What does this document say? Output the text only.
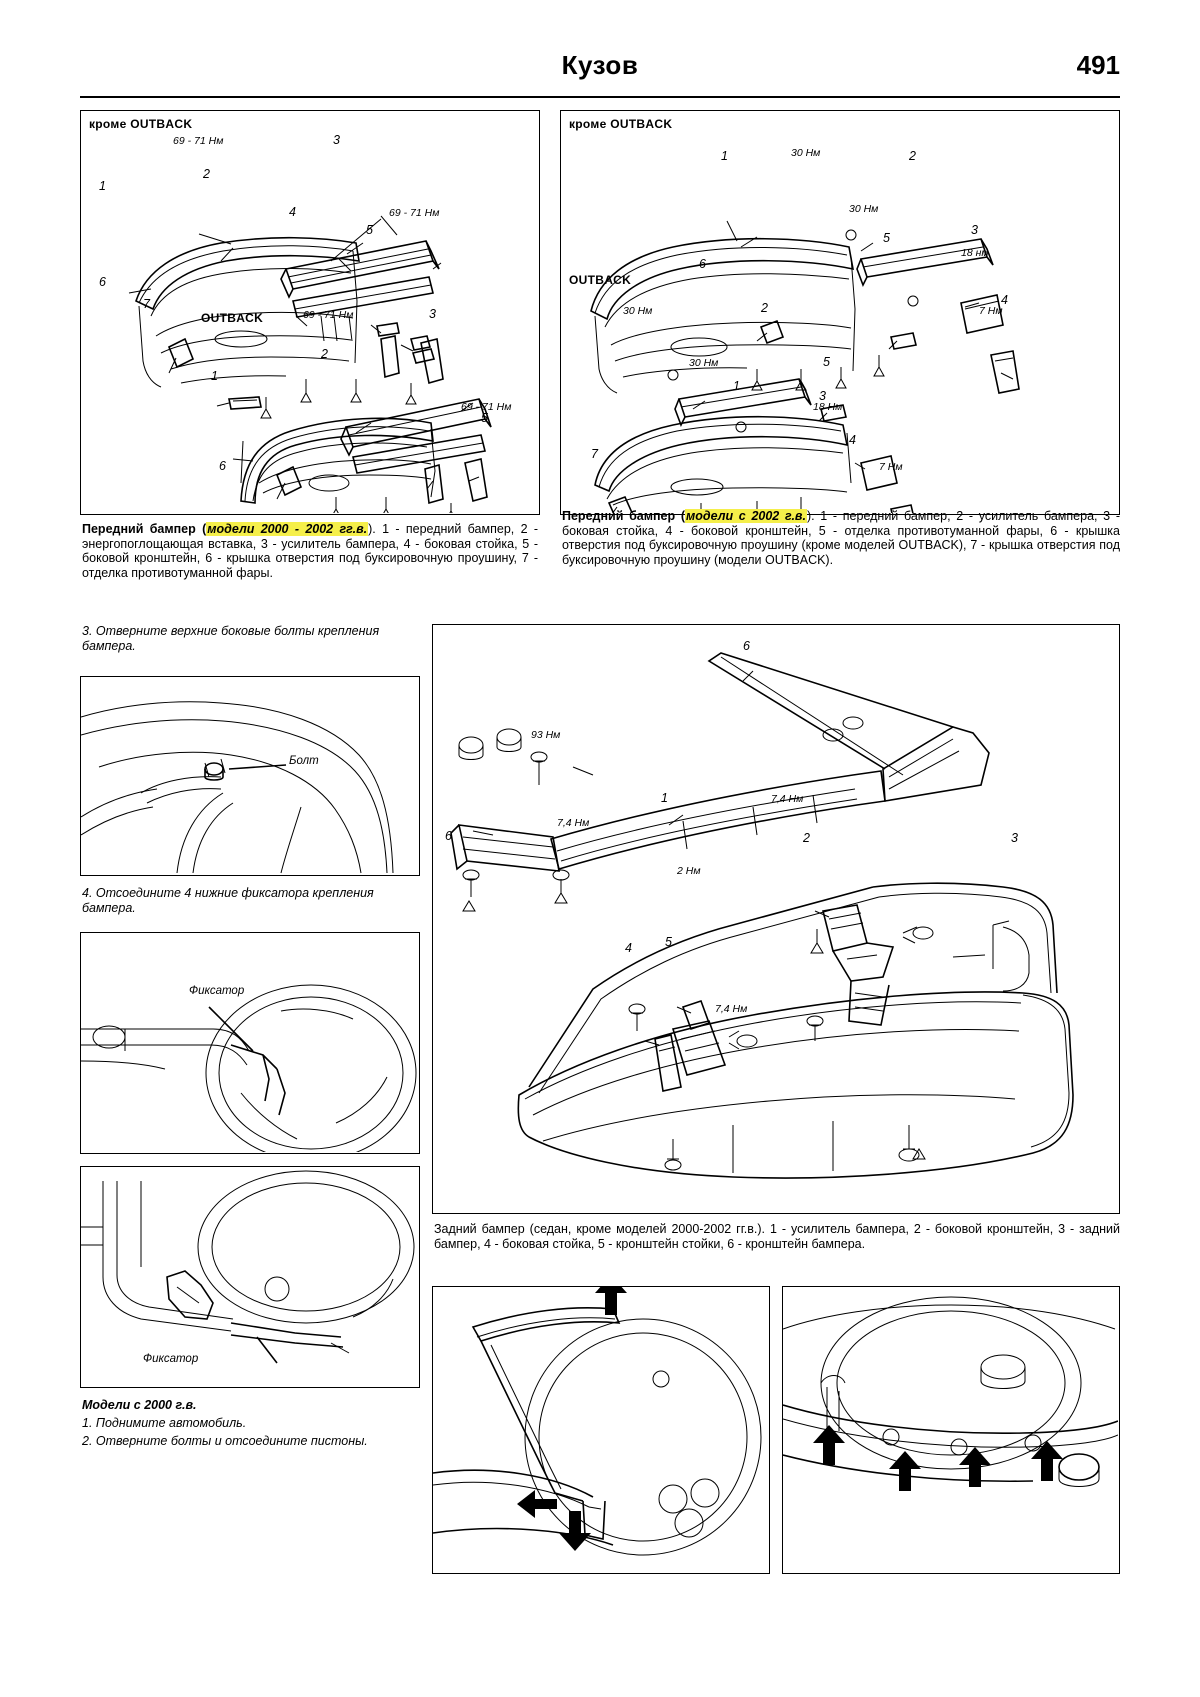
Кузов	491
кроме OUTBACK
OUTBACK
1
2
3
4
5
6
7
1
2
3
5
6
69 - 71 Нм
69 - 71 Нм
69 - 71 Нм
69 - 71 Нм
Передний бампер (модели 2000 - 2002 гг.в.). 1 - передний бампер, 2 - энергопоглощающая вставка, 3 - усилитель бампера, 4 - боковая стойка, 5 - боковой кронштейн, 6 - крышка отверстия под буксировочную проушину, 7 - отделка противотуманной фары.
кроме OUTBACK
OUTBACK
1	2
3
4
5
6
7
1
2
3
4
5
30 Нм
30 Нм
18 нм
7 Нм
30 Нм
30 Нм
18 Нм
7 Нм
Передний бампер (модели с 2002 г.в.). 1 - передний бампер, 2 - усилитель бампера, 3 - боковая стойка, 4 - боковой кронштейн, 5 - отделка противотуманной фары, 6 - крышка отверстия под буксировочную проушину (кроме моделей OUTBACK), 7 - крышка отверстия под буксировочную проушину (модели OUTBACK).
3. Отверните верхние боковые болты крепления бампера.
Болт
4. Отсоедините 4 нижние фиксатора крепления бампера.
Фиксатор
Фиксатор
Модели с 2000 г.в.
1. Поднимите автомобиль.
2. Отверните болты и отсоедините пистоны.
6
1
6	2	3
4	5
93 Нм
7,4 Нм
7,4 Нм
2 Нм
7,4 Нм
Задний бампер (седан, кроме моделей 2000-2002 гг.в.). 1 - усилитель бампера, 2 - боковой кронштейн, 3 - задний бампер, 4 - боковая стойка, 5 - кронштейн стойки, 6 - кронштейн бампера.
